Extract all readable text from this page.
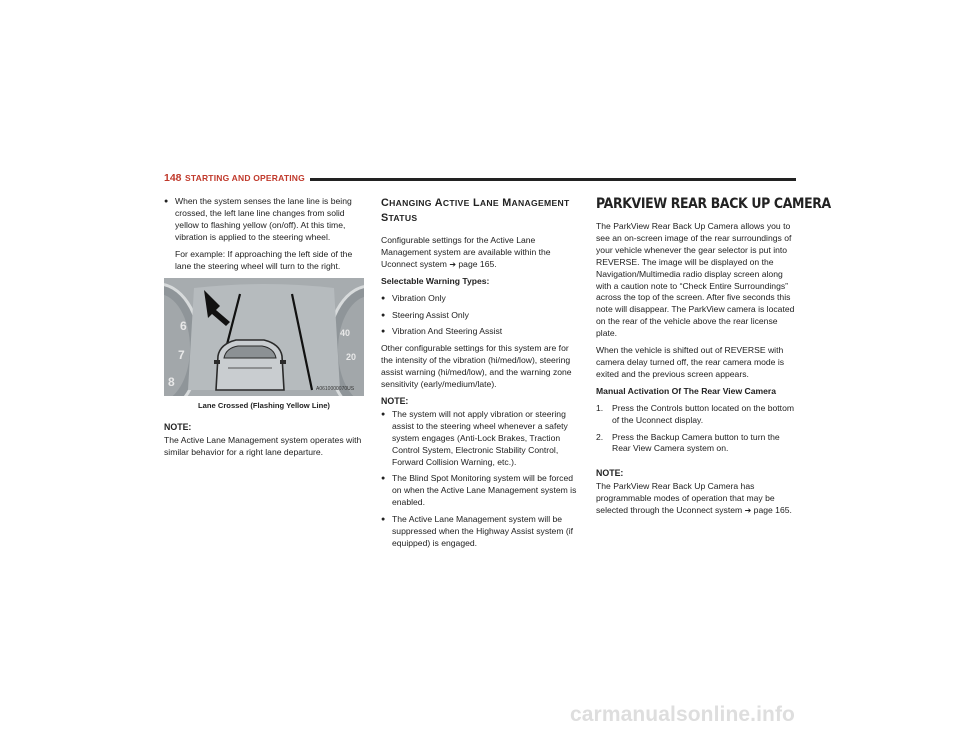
148 STARTING AND OPERATING
● When the system senses the lane line is being crossed, the left lane line changes from solid yellow to flashing yellow (on/off). At this time, vibration is applied to the steering wheel.
For example: If approaching the left side of the lane the steering wheel will turn to the right.
6
7
8
40
20
A0610000070US
Lane Crossed (Flashing Yellow Line)
NOTE:
The Active Lane Management system operates with similar behavior for a right lane departure.
CHANGING ACTIVE LANE MANAGEMENT
STATUS
Configurable settings for the Active Lane Management system are available within the Uconnect system ➔ page 165.
Selectable Warning Types:
● Vibration Only
● Steering Assist Only
● Vibration And Steering Assist
Other configurable settings for this system are for the intensity of the vibration (hi/med/low), steering assist warning (hi/med/low), and the warning zone sensitivity (early/medium/late).
NOTE:
● The system will not apply vibration or steering assist to the steering wheel whenever a safety system engages (Anti-Lock Brakes, Traction Control System, Electronic Stability Control, Forward Collision Warning, etc.).
● The Blind Spot Monitoring system will be forced on when the Active Lane Management system is enabled.
● The Active Lane Management system will be suppressed when the Highway Assist system (if equipped) is engaged.
PARKVIEW REAR BACK UP CAMERA
The ParkView Rear Back Up Camera allows you to see an on-screen image of the rear surroundings of your vehicle whenever the gear selector is put into REVERSE. The image will be displayed on the Navigation/Multimedia radio display screen along with a caution note to “Check Entire Surroundings” across the top of the screen. After five seconds this note will disappear. The ParkView camera is located on the rear of the vehicle above the rear license plate.
When the vehicle is shifted out of REVERSE with camera delay turned off, the rear camera mode is exited and the previous screen appears.
Manual Activation Of The Rear View Camera
1. Press the Controls button located on the bottom of the Uconnect display.
2. Press the Backup Camera button to turn the Rear View Camera system on.
NOTE:
The ParkView Rear Back Up Camera has programmable modes of operation that may be selected through the Uconnect system ➔ page 165.
carmanualsonline.info
